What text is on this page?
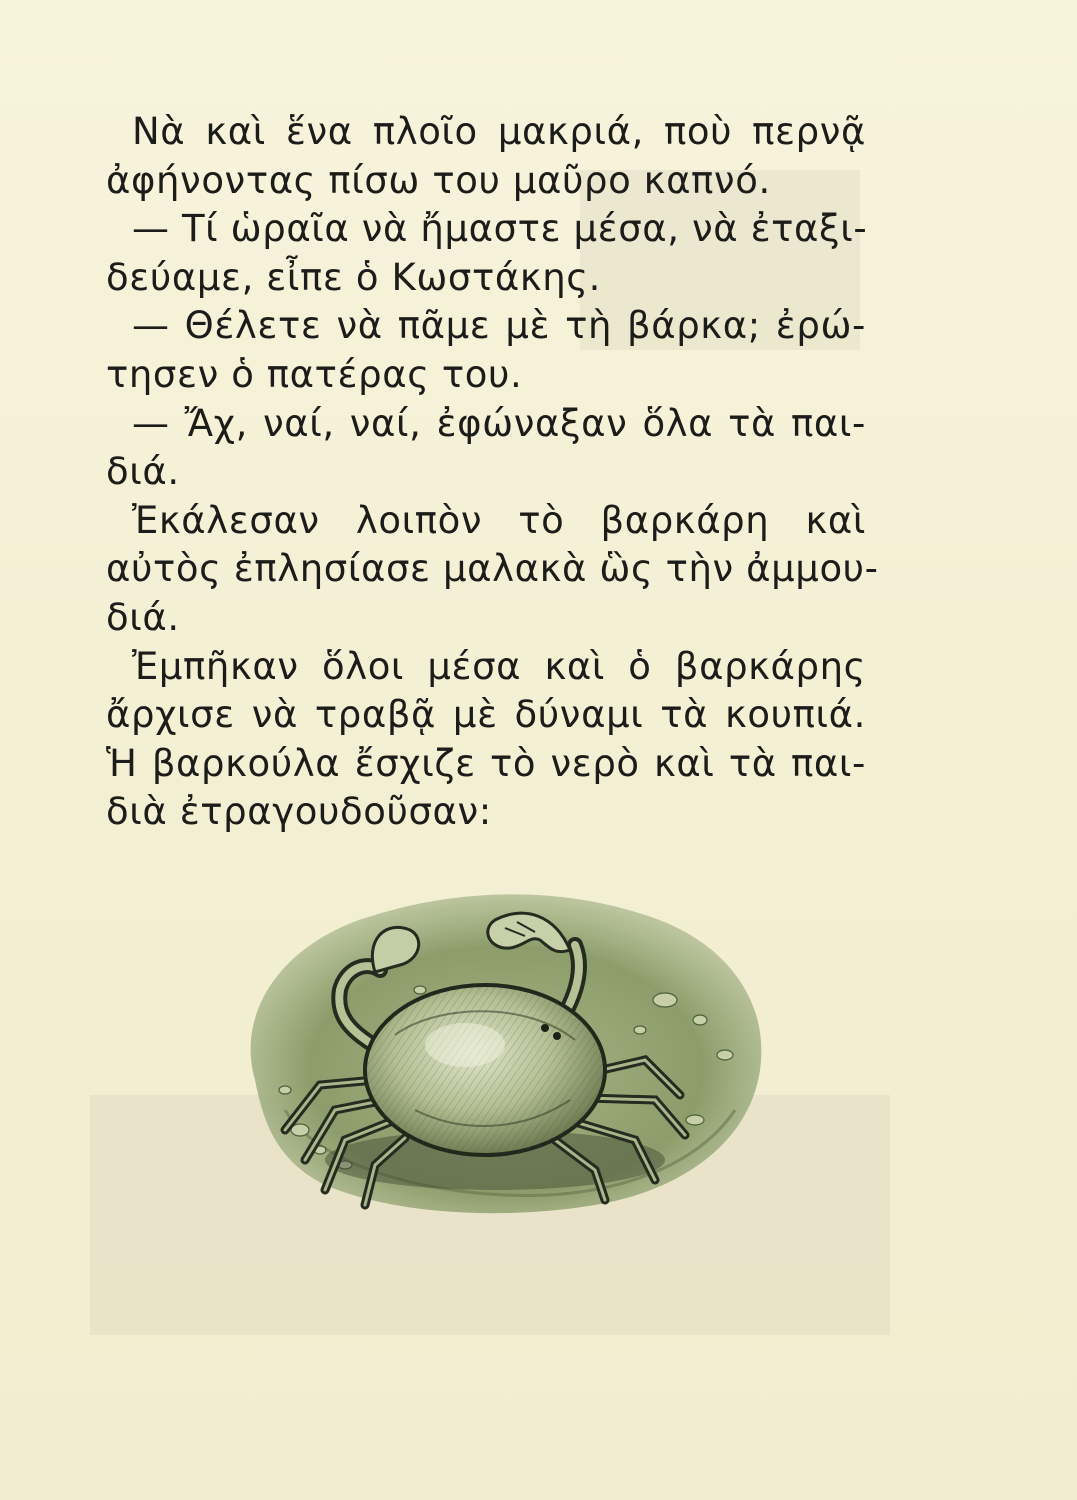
Νὰ καὶ ἕνα πλοῖο μακριά, ποὺ περνᾷ
ἀφήνοντας πίσω του μαῦρο καπνό.
— Τί ὡραῖα νὰ ἤμαστε μέσα, νὰ ἐταξι-
δεύαμε, εἶπε ὁ Κωστάκης.
— Θέλετε νὰ πᾶμε μὲ τὴ βάρκα; ἐρώ-
τησεν ὁ πατέρας του.
— Ἄχ, ναί, ναί, ἐφώναξαν ὅλα τὰ παι-
διά.
Ἐκάλεσαν λοιπὸν τὸ βαρκάρη καὶ
αὐτὸς ἐπλησίασε μαλακὰ ὣς τὴν ἀμμου-
διά.
Ἐμπῆκαν ὅλοι μέσα καὶ ὁ βαρκάρης
ἄρχισε νὰ τραβᾷ μὲ δύναμι τὰ κουπιά.
Ἡ βαρκούλα ἔσχιζε τὸ νερὸ καὶ τὰ παι-
διὰ ἐτραγουδοῦσαν:
